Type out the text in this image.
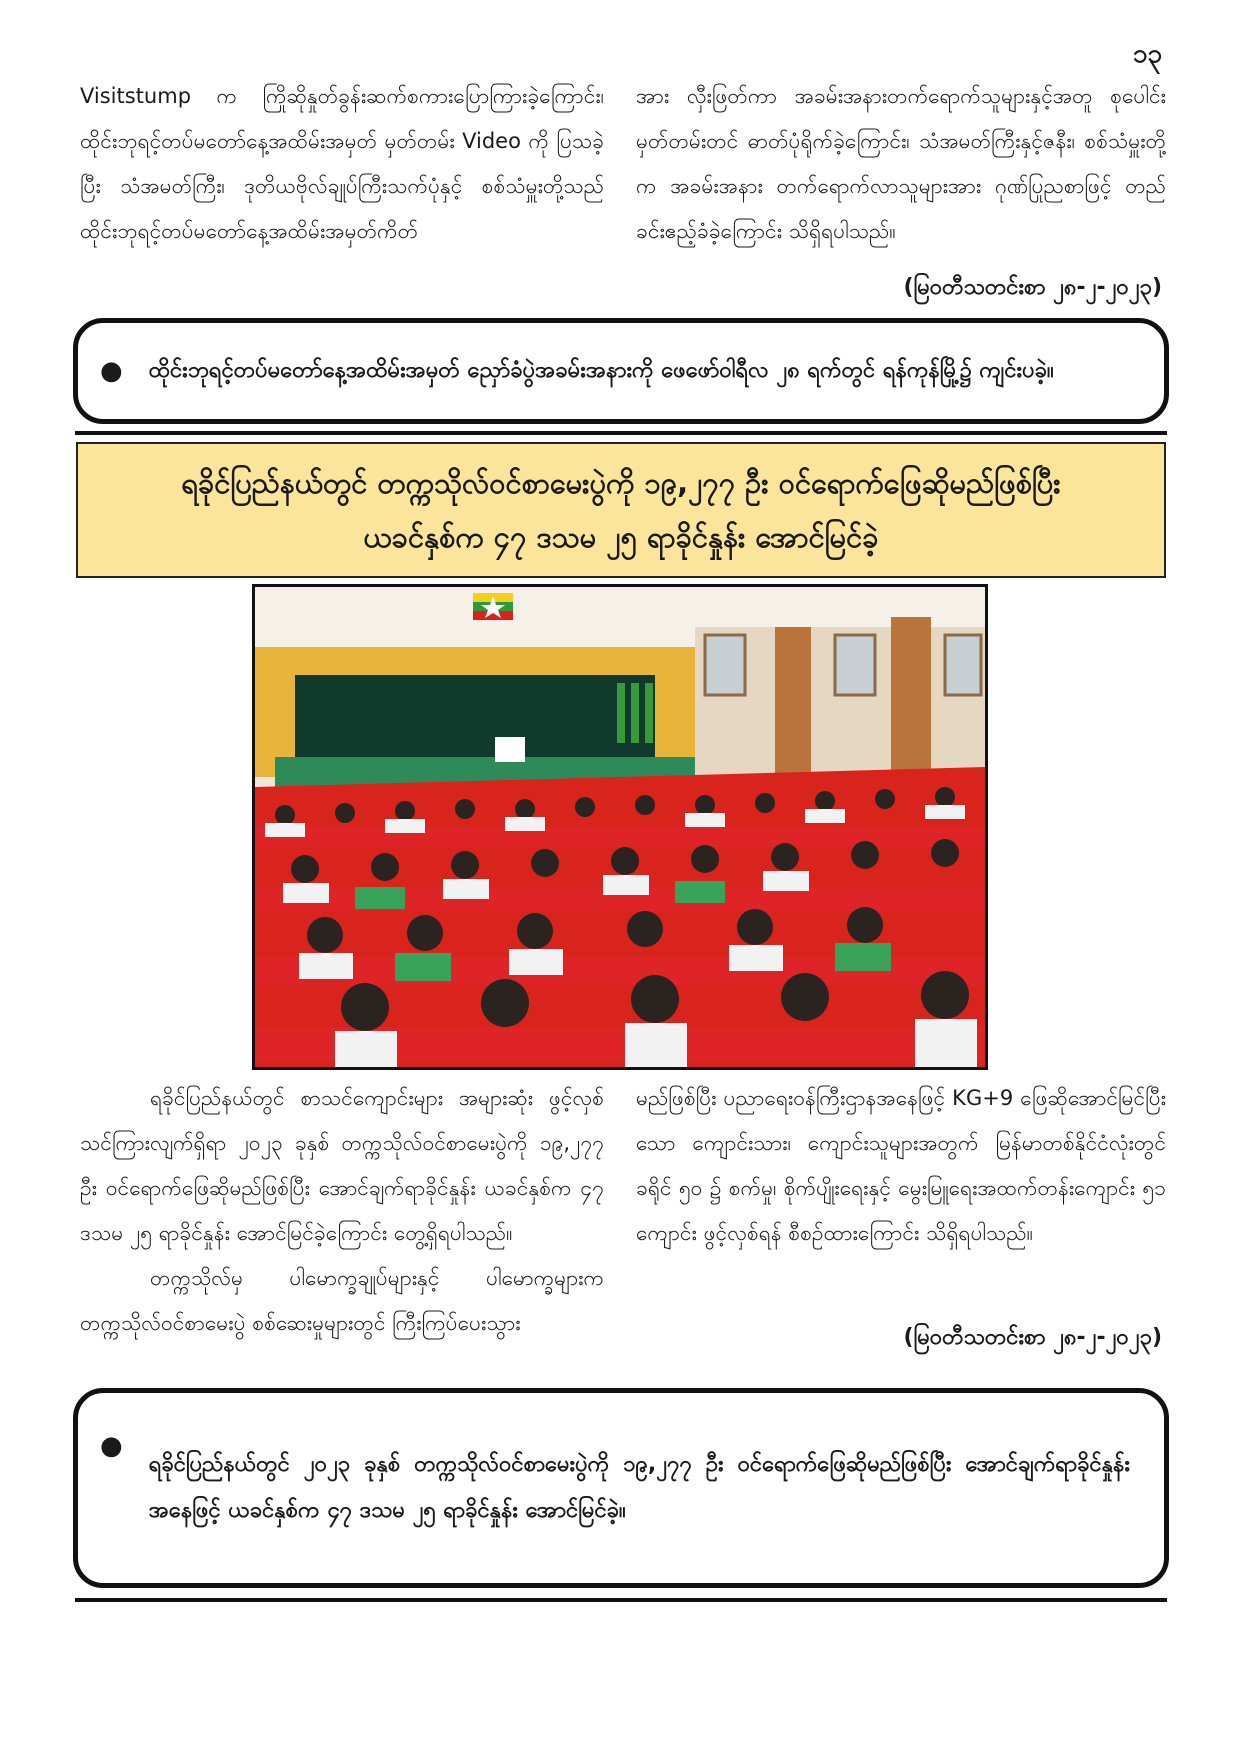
၁၃

Visitstump က ကြိုဆိုနှုတ်ခွန်းဆက်စကားပြောကြားခဲ့ကြောင်း၊ ထိုင်းဘုရင့်တပ်မတော်နေ့အထိမ်းအမှတ် မှတ်တမ်း Video ကို ပြသခဲ့ပြီး သံအမတ်ကြီး၊ ဒုတိယဗိုလ်ချုပ်ကြီးသက်ပုံနှင့် စစ်သံမှူးတို့သည် ထိုင်းဘုရင့်တပ်မတော်နေ့အထိမ်းအမှတ်ကိတ်

အား လှီးဖြတ်ကာ အခမ်းအနားတက်ရောက်သူများနှင့်အတူ စုပေါင်းမှတ်တမ်းတင် ဓာတ်ပုံရိုက်ခဲ့ကြောင်း၊ သံအမတ်ကြီးနှင့်ဇနီး၊ စစ်သံမှူးတို့က အခမ်းအနား တက်ရောက်လာသူများအား ဂုဏ်ပြုညစာဖြင့် တည်ခင်းဧည့်ခံခဲ့ကြောင်း သိရှိရပါသည်။

(မြဝတီသတင်းစာ ၂၈-၂-၂၀၂၃)
● ထိုင်းဘုရင့်တပ်မတော်နေ့အထိမ်းအမှတ် ညှော်ခံပွဲအခမ်းအနားကို ဖေဖော်ဝါရီလ ၂၈ ရက်တွင် ရန်ကုန်မြို့၌ ကျင်းပခဲ့။
ရခိုင်ပြည်နယ်တွင် တက္ကသိုလ်ဝင်စာမေးပွဲကို ၁၉,၂၇၇ ဦး ဝင်ရောက်ဖြေဆိုမည်ဖြစ်ပြီး
ယခင်နှစ်က ၄၇ ဒသမ ၂၅ ရာခိုင်နှုန်း အောင်မြင်ခဲ့

ရခိုင်ပြည်နယ်တွင် စာသင်ကျောင်းများ အများဆုံး ဖွင့်လှစ်သင်ကြားလျက်ရှိရာ ၂၀၂၃ ခုနှစ် တက္ကသိုလ်ဝင်စာမေးပွဲကို ၁၉,၂၇၇ ဦး ဝင်ရောက်ဖြေဆိုမည်ဖြစ်ပြီး အောင်ချက်ရာခိုင်နှုန်း ယခင်နှစ်က ၄၇ ဒသမ ၂၅ ရာခိုင်နှုန်း အောင်မြင်ခဲ့ကြောင်း တွေ့ရှိရပါသည်။

တက္ကသိုလ်မှ ပါမောက္ခချုပ်များနှင့် ပါမောက္ခများက တက္ကသိုလ်ဝင်စာမေးပွဲ စစ်ဆေးမှုများတွင် ကြီးကြပ်ပေးသွား

မည်ဖြစ်ပြီး ပညာရေးဝန်ကြီးဌာနအနေဖြင့် KG+9 ဖြေဆိုအောင်မြင်ပြီးသော ကျောင်းသား၊ ကျောင်းသူများအတွက် မြန်မာတစ်နိုင်ငံလုံးတွင် ခရိုင် ၅၀ ၌ စက်မှု၊ စိုက်ပျိုးရေးနှင့် မွေးမြူရေးအထက်တန်းကျောင်း ၅၁ ကျောင်း ဖွင့်လှစ်ရန် စီစဉ်ထားကြောင်း သိရှိရပါသည်။

(မြဝတီသတင်းစာ ၂၈-၂-၂၀၂၃)
●
ရခိုင်ပြည်နယ်တွင် ၂၀၂၃ ခုနှစ် တက္ကသိုလ်ဝင်စာမေးပွဲကို ၁၉,၂၇၇ ဦး ဝင်ရောက်ဖြေဆိုမည်ဖြစ်ပြီး အောင်ချက်ရာခိုင်နှုန်းအနေဖြင့် ယခင်နှစ်က ၄၇ ဒသမ ၂၅ ရာခိုင်နှုန်း အောင်မြင်ခဲ့။
